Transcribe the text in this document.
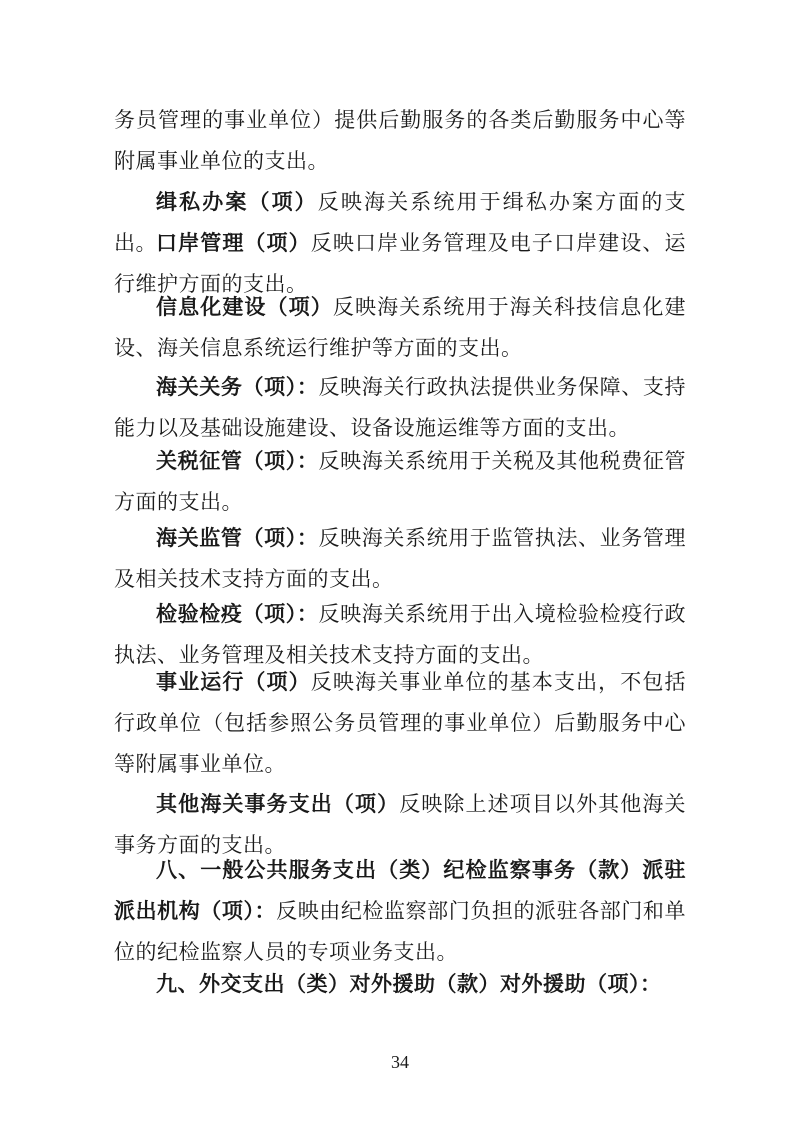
务员管理的事业单位）提供后勤服务的各类后勤服务中心等附属事业单位的支出。

缉私办案（项）反映海关系统用于缉私办案方面的支出。 口岸管理（项）反映口岸业务管理及电子口岸建设、运行维护方面的支出。

信息化建设（项）反映海关系统用于海关科技信息化建设、海关信息系统运行维护等方面的支出。

海关关务（项）：反映海关行政执法提供业务保障、支持能力以及基础设施建设、设备设施运维等方面的支出。

关税征管（项）：反映海关系统用于关税及其他税费征管方面的支出。

海关监管（项）：反映海关系统用于监管执法、业务管理及相关技术支持方面的支出。

检验检疫（项）：反映海关系统用于出入境检验检疫行政执法、业务管理及相关技术支持方面的支出。

事业运行（项）反映海关事业单位的基本支出，不包括行政单位（包括参照公务员管理的事业单位）后勤服务中心等附属事业单位。

其他海关事务支出（项）反映除上述项目以外其他海关事务方面的支出。

八、一般公共服务支出（类）纪检监察事务（款）派驻派出机构（项）：反映由纪检监察部门负担的派驻各部门和单位的纪检监察人员的专项业务支出。

九、外交支出（类）对外援助（款）对外援助（项）：

34
